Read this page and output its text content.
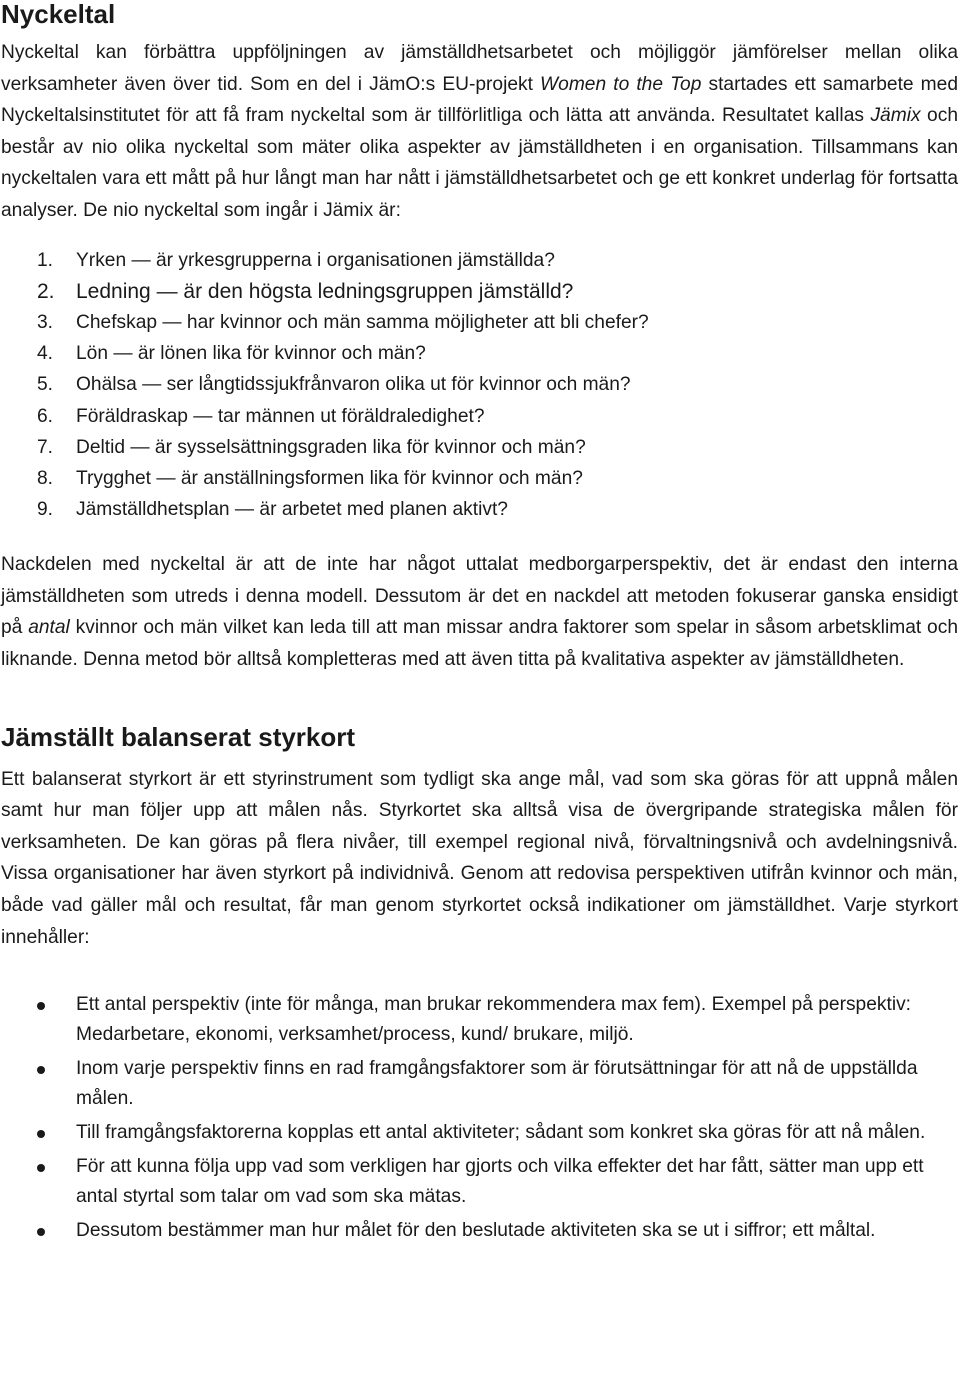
Nyckeltal

Nyckeltal kan förbättra uppföljningen av jämställdhetsarbetet och möjliggör jämförelser mellan olika verksamheter även över tid. Som en del i JämO:s EU-projekt Women to the Top startades ett samarbete med Nyckeltalsinstitutet för att få fram nyckeltal som är tillförlitliga och lätta att använda. Resultatet kallas Jämix och består av nio olika nyckeltal som mäter olika aspekter av jämställdheten i en organisation. Tillsammans kan nyckeltalen vara ett mått på hur långt man har nått i jämställdhetsarbetet och ge ett konkret underlag för fortsatta analyser. De nio nyckeltal som ingår i Jämix är:

1. Yrken — är yrkesgrupperna i organisationen jämställda?
2. Ledning — är den högsta ledningsgruppen jämställd?
3. Chefskap — har kvinnor och män samma möjligheter att bli chefer?
4. Lön — är lönen lika för kvinnor och män?
5. Ohälsa — ser långtidssjukfrånvaron olika ut för kvinnor och män?
6. Föräldraskap — tar männen ut föräldraledighet?
7. Deltid — är sysselsättningsgraden lika för kvinnor och män?
8. Trygghet — är anställningsformen lika för kvinnor och män?
9. Jämställdhetsplan — är arbetet med planen aktivt?

Nackdelen med nyckeltal är att de inte har något uttalat medborgarperspektiv, det är endast den interna jämställdheten som utreds i denna modell. Dessutom är det en nackdel att metoden fokuserar ganska ensidigt på antal kvinnor och män vilket kan leda till att man missar andra faktorer som spelar in såsom arbetsklimat och liknande. Denna metod bör alltså kompletteras med att även titta på kvalitativa aspekter av jämställdheten.

Jämställt balanserat styrkort

Ett balanserat styrkort är ett styrinstrument som tydligt ska ange mål, vad som ska göras för att uppnå målen samt hur man följer upp att målen nås. Styrkortet ska alltså visa de övergripande strategiska målen för verksamheten. De kan göras på flera nivåer, till exempel regional nivå, förvaltningsnivå och avdelningsnivå. Vissa organisationer har även styrkort på individnivå. Genom att redovisa perspektiven utifrån kvinnor och män, både vad gäller mål och resultat, får man genom styrkortet också indikationer om jämställdhet. Varje styrkort innehåller:

Ett antal perspektiv (inte för många, man brukar rekommendera max fem). Exempel på perspektiv: Medarbetare, ekonomi, verksamhet/process, kund/ brukare, miljö.
Inom varje perspektiv finns en rad framgångsfaktorer som är förutsättningar för att nå de uppställda målen.
Till framgångsfaktorerna kopplas ett antal aktiviteter; sådant som konkret ska göras för att nå målen.
För att kunna följa upp vad som verkligen har gjorts och vilka effekter det har fått, sätter man upp ett antal styrtal som talar om vad som ska mätas.
Dessutom bestämmer man hur målet för den beslutade aktiviteten ska se ut i siffror; ett måltal.
